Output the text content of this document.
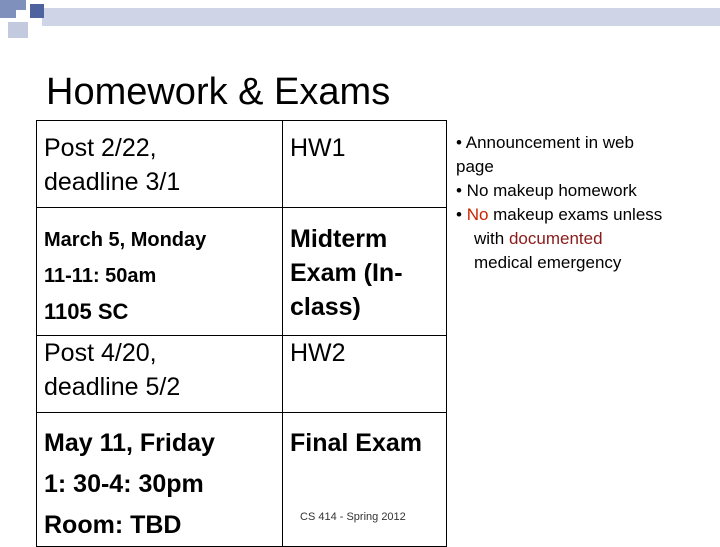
Homework & Exams
Post 2/22,
deadline 3/1	HW1

March 5, Monday
11-11: 50am
1105 SC	Midterm
Exam (In-
class)

Post 4/20,
deadline 5/2	HW2

May 11, Friday
1: 30-4: 30pm
Room: TBD	Final Exam
• Announcement in web
page
• No makeup homework
• No makeup exams unless
with documented
medical emergency
CS 414 - Spring 2012
